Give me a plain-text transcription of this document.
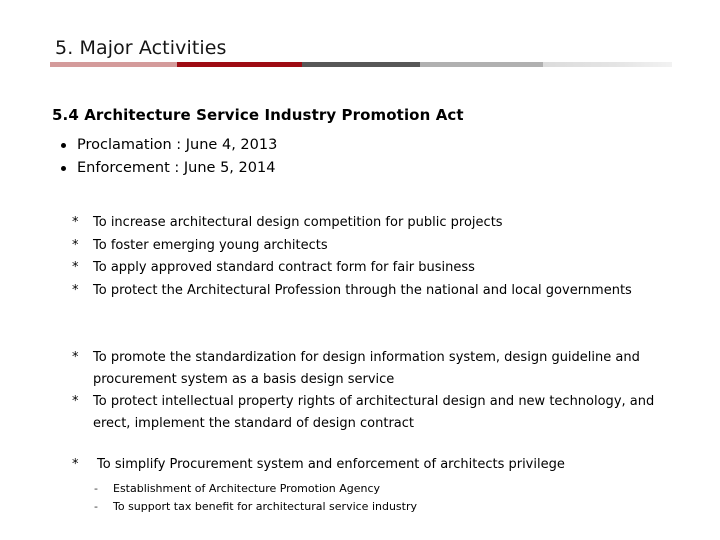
5. Major Activities
5.4 Architecture Service Industry Promotion Act
Proclamation : June 4, 2013
Enforcement : June 5, 2014
* To increase architectural design competition for public projects
* To foster emerging young architects
* To apply approved standard contract form for fair business
* To protect the Architectural Profession through the national and local governments
* To promote the standardization for design information system, design guideline and procurement system as a basis design service
* To protect intellectual property rights of architectural design and new technology, and erect, implement the standard of design contract
* To simplify Procurement system and enforcement of architects privilege
- Establishment of Architecture Promotion Agency
- To support tax benefit for architectural service industry
